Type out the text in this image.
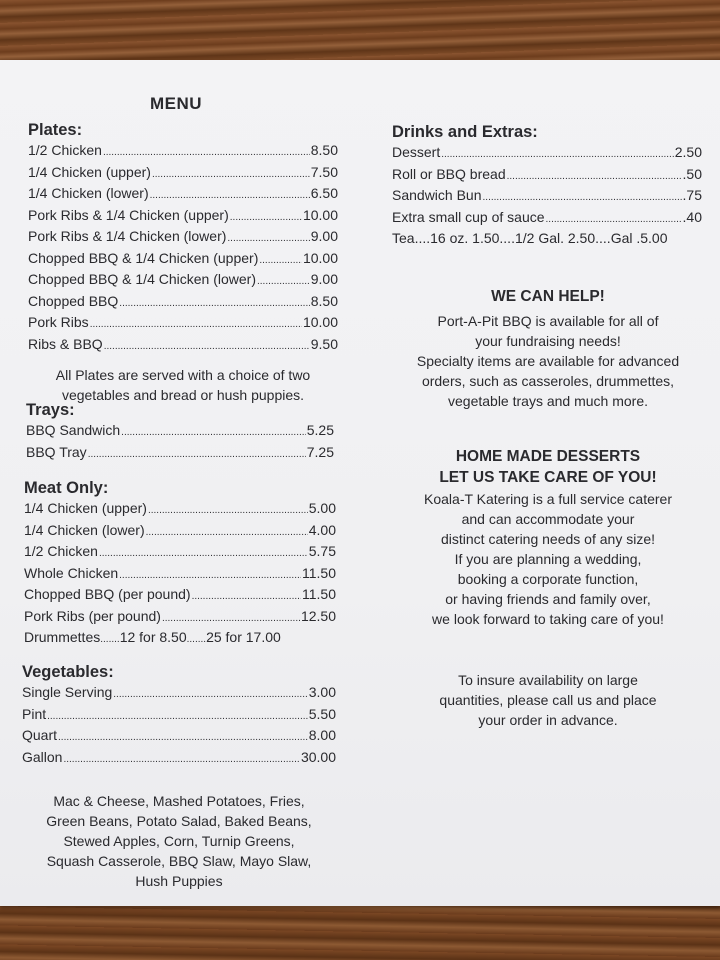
MENU
Plates:
1/2 Chicken .....	8.50
1/4 Chicken (upper) .....	7.50
1/4 Chicken (lower) .....	6.50
Pork Ribs & 1/4 Chicken (upper) .....	10.00
Pork Ribs & 1/4 Chicken (lower) .....	9.00
Chopped BBQ & 1/4 Chicken (upper) .....	10.00
Chopped BBQ & 1/4 Chicken (lower) .....	9.00
Chopped BBQ .....	8.50
Pork Ribs .....	10.00
Ribs & BBQ .....	9.50
All Plates are served with a choice of two
vegetables and bread or hush puppies.
Trays:
BBQ Sandwich .....	5.25
BBQ Tray .....	7.25
Meat Only:
1/4 Chicken (upper) .....	5.00
1/4 Chicken (lower) .....	4.00
1/2 Chicken .....	5.75
Whole Chicken .....	11.50
Chopped BBQ (per pound) .....	11.50
Pork Ribs (per pound) .....	12.50
Drummettes.......12 for 8.50.......25 for 17.00
Vegetables:
Single Serving .....	3.00
Pint .....	5.50
Quart .....	8.00
Gallon .....	30.00
Mac & Cheese, Mashed Potatoes, Fries,
Green Beans, Potato Salad, Baked Beans,
Stewed Apples, Corn, Turnip Greens,
Squash Casserole, BBQ Slaw, Mayo Slaw,
Hush Puppies
Drinks and Extras:
Dessert .....	2.50
Roll or BBQ bread .....	.50
Sandwich Bun .....	.75
Extra small cup of sauce .....	.40
Tea....16 oz. 1.50....1/2 Gal. 2.50....Gal .5.00
WE CAN HELP!
Port-A-Pit BBQ is available for all of
your fundraising needs!
Specialty items are available for advanced
orders, such as casseroles, drummettes,
vegetable trays and much more.
HOME MADE DESSERTS
LET US TAKE CARE OF YOU!
Koala-T Katering is a full service caterer
and can accommodate your
distinct catering needs of any size!
If you are planning a wedding,
booking a corporate function,
or having friends and family over,
we look forward to taking care of you!
To insure availability on large
quantities, please call us and place
your order in advance.
